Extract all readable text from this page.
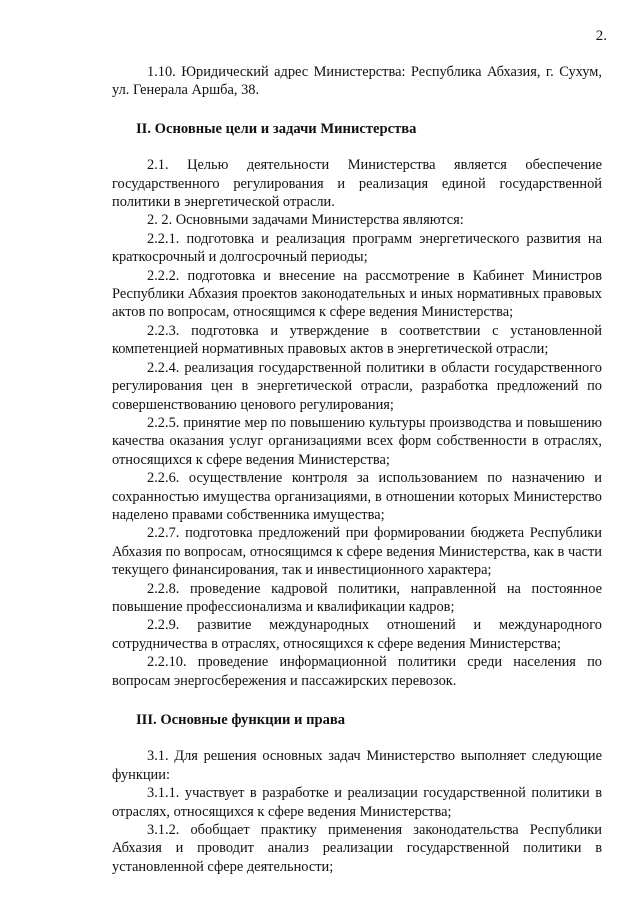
2.

1.10. Юридический адрес Министерства: Республика Абхазия, г. Сухум, ул. Генерала Аршба, 38.

II. Основные цели и задачи Министерства

2.1. Целью деятельности Министерства является обеспечение государственного регулирования и реализация единой государственной политики в энергетической отрасли.

2. 2. Основными задачами Министерства являются:

2.2.1. подготовка и реализация программ энергетического развития на краткосрочный и долгосрочный периоды;

2.2.2. подготовка и внесение на рассмотрение в Кабинет Министров Республики Абхазия проектов законодательных и иных нормативных правовых актов по вопросам, относящимся к сфере ведения Министерства;

2.2.3. подготовка и утверждение в соответствии с установленной компетенцией нормативных правовых актов в энергетической отрасли;

2.2.4. реализация государственной политики в области государственного регулирования цен в энергетической отрасли, разработка предложений по совершенствованию ценового регулирования;

2.2.5. принятие мер по повышению культуры производства и повышению качества оказания услуг организациями всех форм собственности в отраслях, относящихся к сфере ведения Министерства;

2.2.6. осуществление контроля за использованием по назначению и сохранностью имущества организациями, в отношении которых Министерство наделено правами собственника имущества;

2.2.7. подготовка предложений при формировании бюджета Республики Абхазия по вопросам, относящимся к сфере ведения Министерства, как в части текущего финансирования, так и инвестиционного характера;

2.2.8. проведение кадровой политики, направленной на постоянное повышение профессионализма и квалификации кадров;

2.2.9. развитие международных отношений и международного сотрудничества в отраслях, относящихся к сфере ведения Министерства;

2.2.10. проведение информационной политики среди населения по вопросам энергосбережения и пассажирских перевозок.

III. Основные функции и права

3.1. Для решения основных задач Министерство выполняет следующие функции:

3.1.1. участвует в разработке и реализации государственной политики в отраслях, относящихся к сфере ведения Министерства;

3.1.2. обобщает практику применения законодательства Республики Абхазия и проводит анализ реализации государственной политики в установленной сфере деятельности;
